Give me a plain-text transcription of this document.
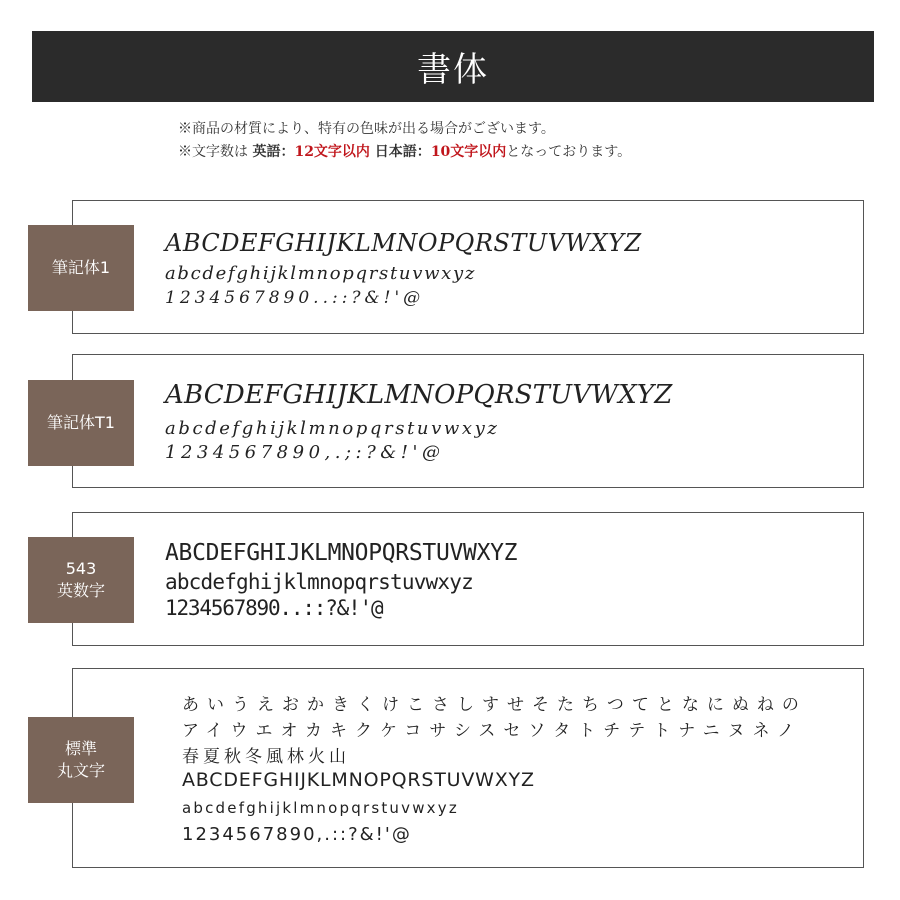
書体
※商品の材質により、特有の色味が出る場合がございます。
※文字数は 英語：12文字以内 日本語：10文字以内となっております。
筆記体1
ABCDEFGHIJKLMNOPQRSTUVWXYZ
abcdefghijklmnopqrstuvwxyz
1234567890..::?&!'@
筆記体T1
ABCDEFGHIJKLMNOPQRSTUVWXYZ
abcdefghijklmnopqrstuvwxyz
1234567890,.;:?&!'@
543
英数字
ABCDEFGHIJKLMNOPQRSTUVWXYZ
abcdefghijklmnopqrstuvwxyz
1234567890..::?&!'@
標準
丸文字
あいうえおかきくけこさしすせそたちつてとなにぬねの
アイウエオカキクケコサシスセソタトチテトナニヌネノ
春夏秋冬風林火山
ABCDEFGHIJKLMNOPQRSTUVWXYZ
abcdefghijklmnopqrstuvwxyz
1234567890,.::?&!'@
